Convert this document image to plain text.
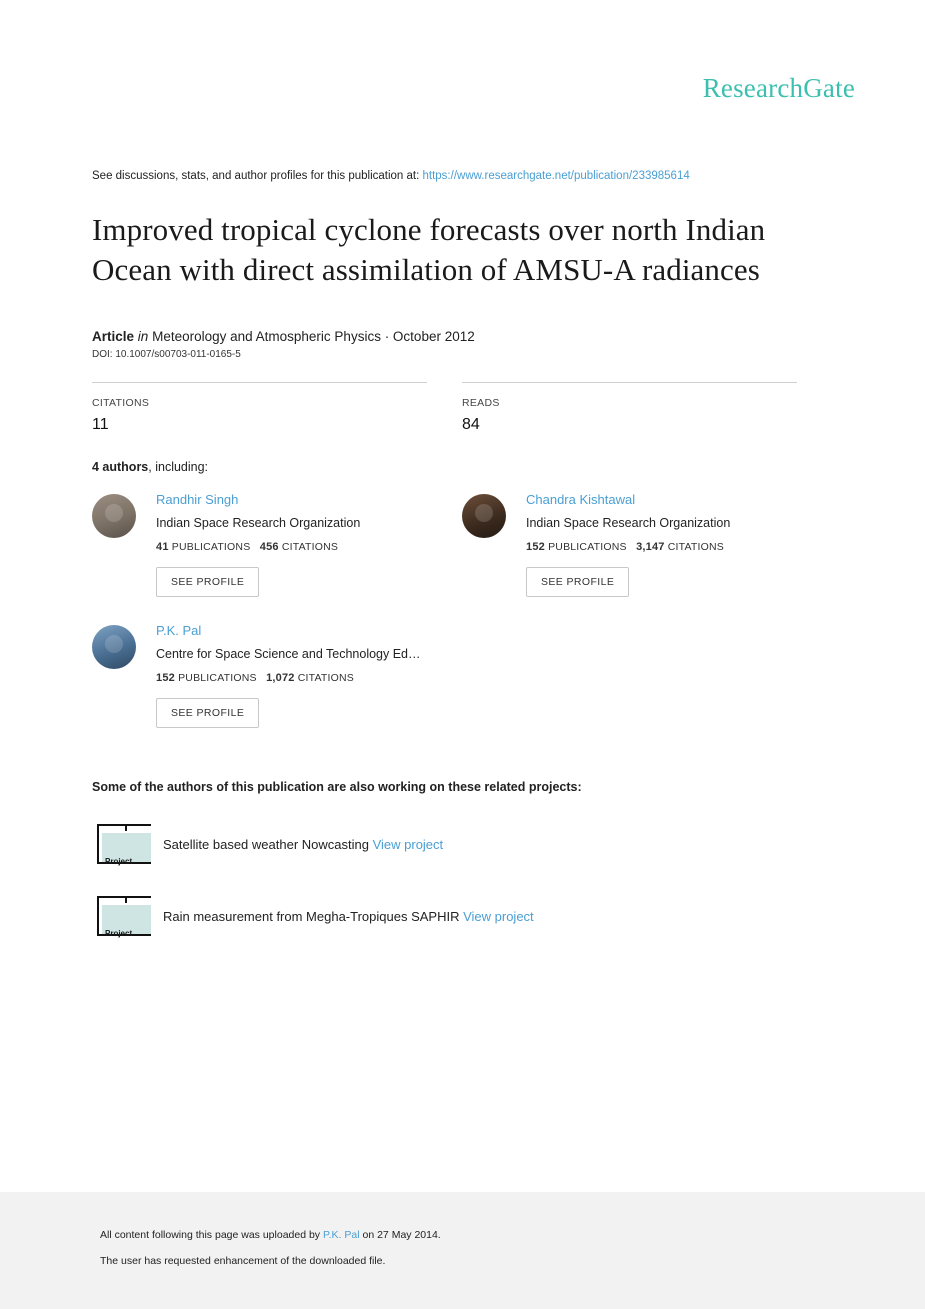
ResearchGate
See discussions, stats, and author profiles for this publication at: https://www.researchgate.net/publication/233985614
Improved tropical cyclone forecasts over north Indian Ocean with direct assimilation of AMSU-A radiances
Article in Meteorology and Atmospheric Physics · October 2012
DOI: 10.1007/s00703-011-0165-5
CITATIONS
11
READS
84
4 authors, including:
Randhir Singh
Indian Space Research Organization
41 PUBLICATIONS 456 CITATIONS
SEE PROFILE
Chandra Kishtawal
Indian Space Research Organization
152 PUBLICATIONS 3,147 CITATIONS
SEE PROFILE
P.K. Pal
Centre for Space Science and Technology Ed…
152 PUBLICATIONS 1,072 CITATIONS
SEE PROFILE
Some of the authors of this publication are also working on these related projects:
Project
Satellite based weather Nowcasting View project
Project
Rain measurement from Megha-Tropiques SAPHIR View project
All content following this page was uploaded by P.K. Pal on 27 May 2014.
The user has requested enhancement of the downloaded file.
